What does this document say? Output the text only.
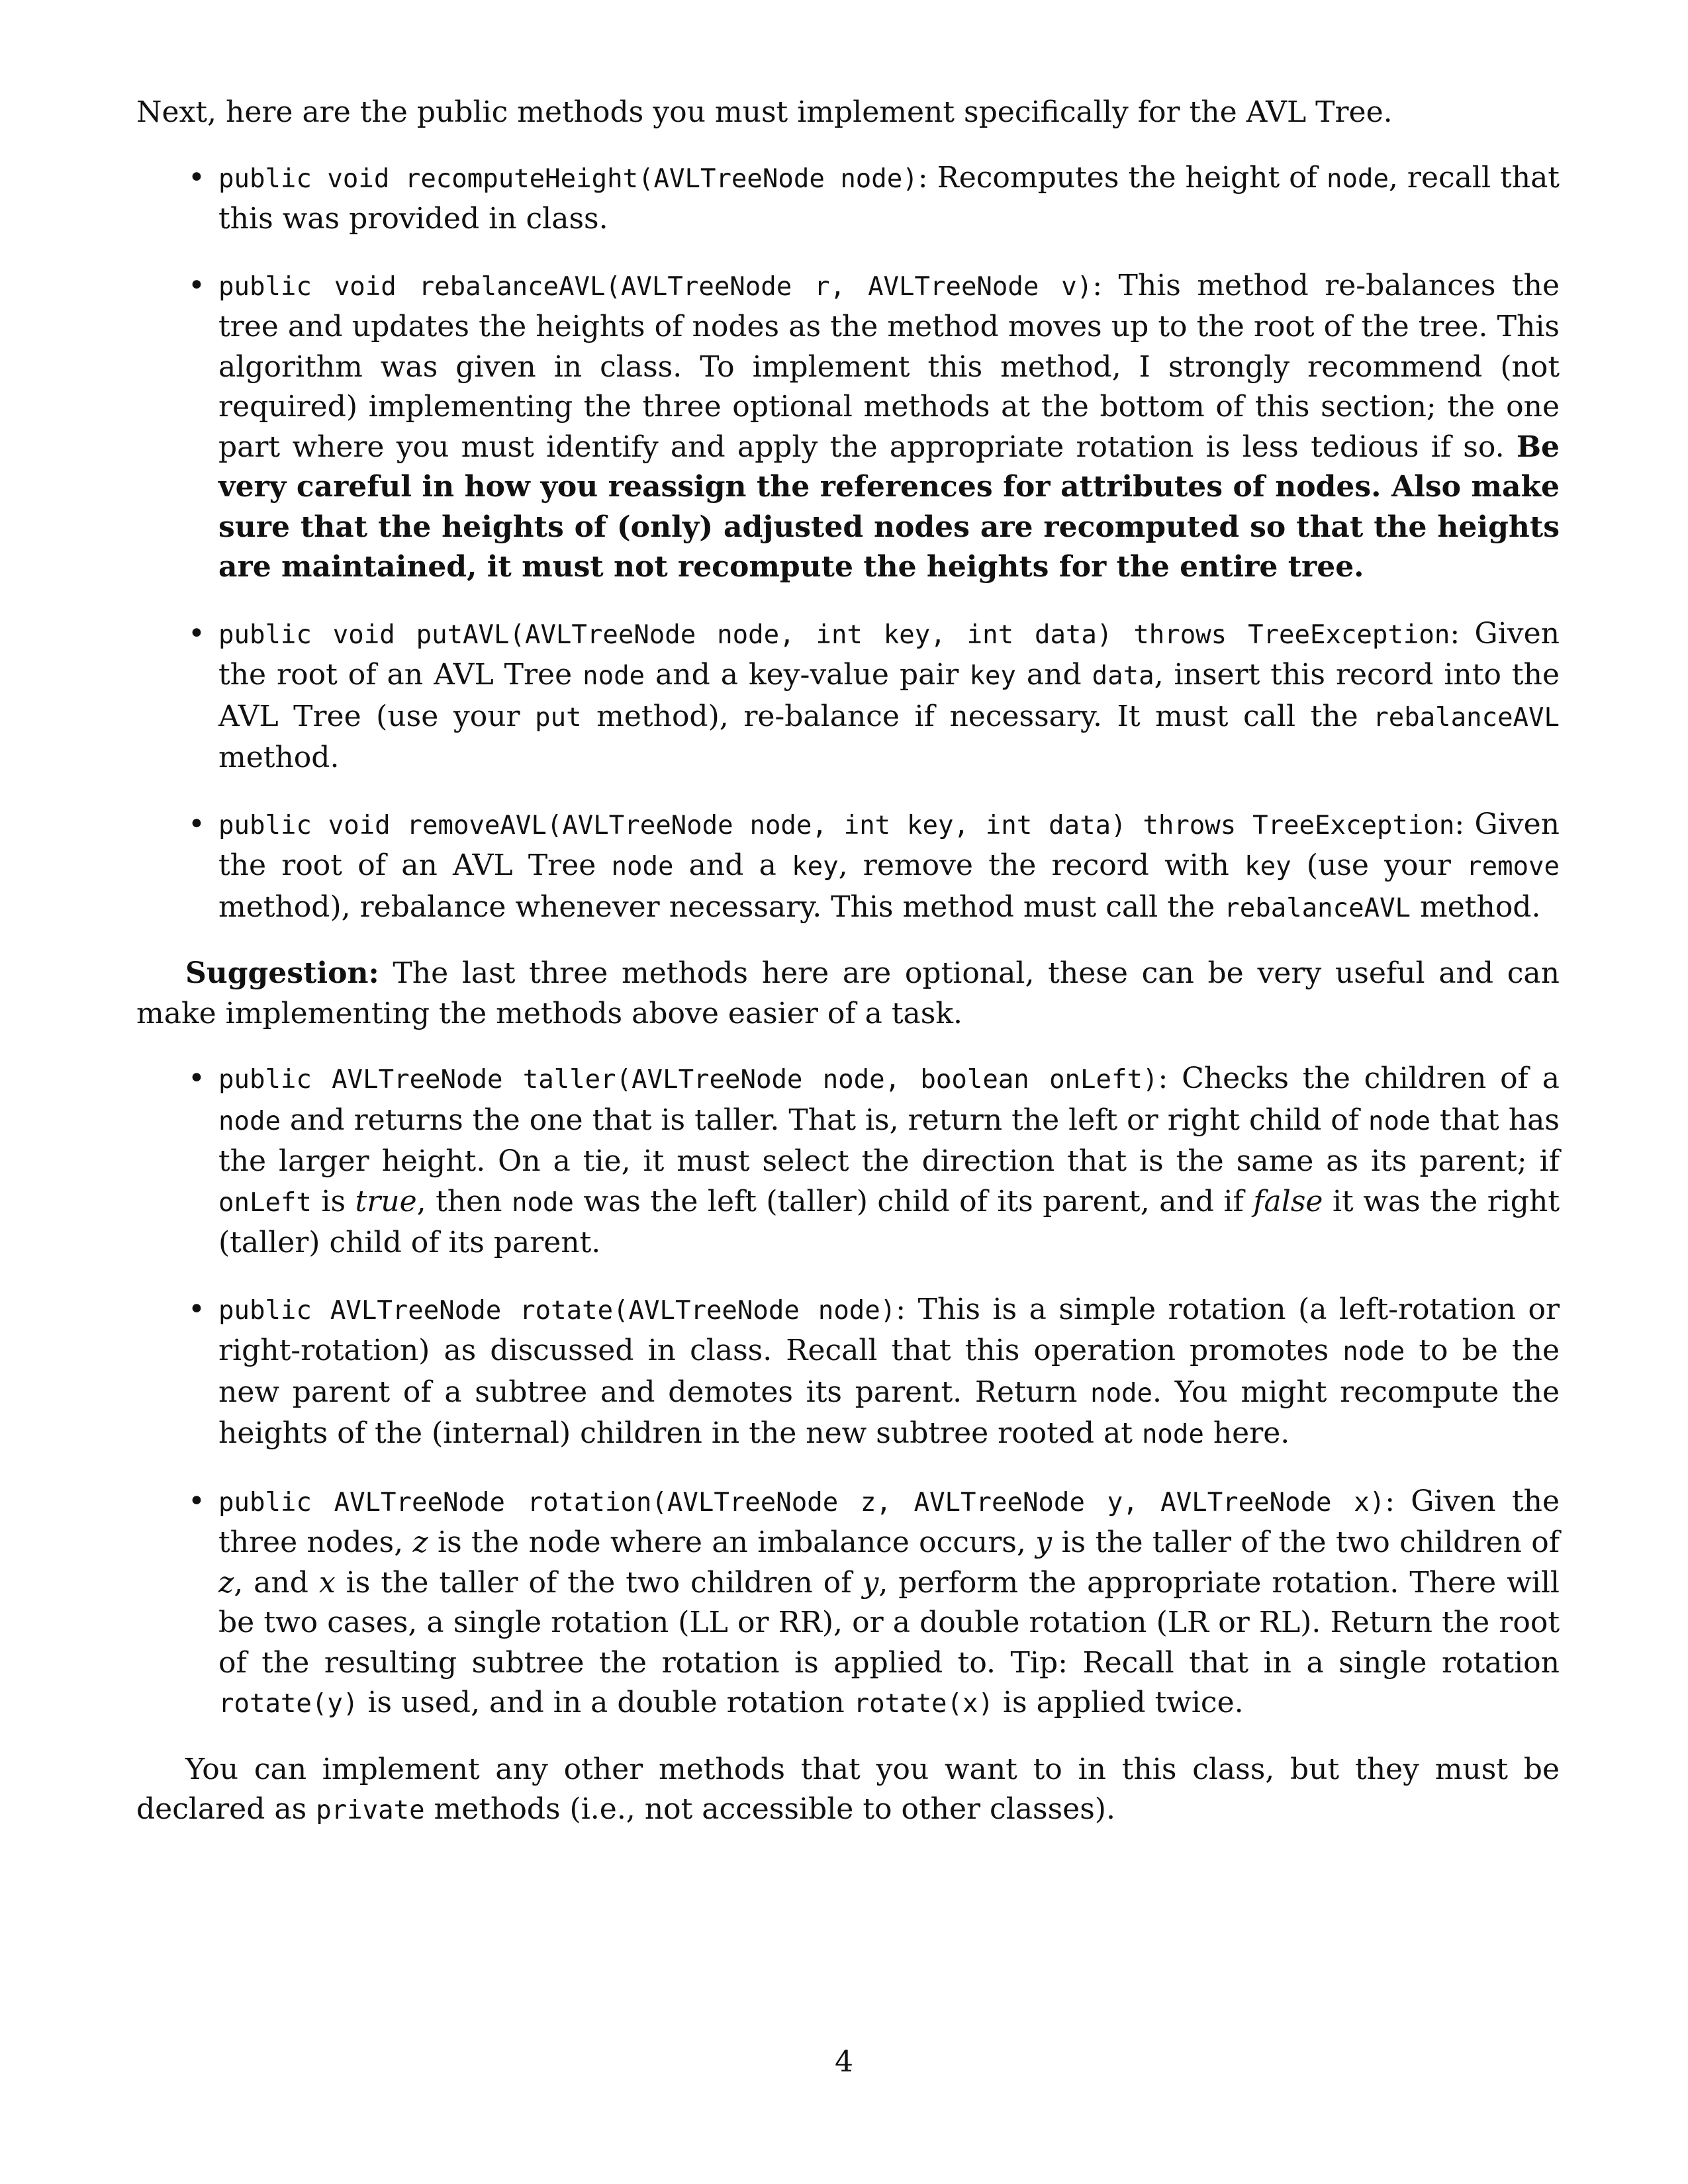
Next, here are the public methods you must implement specifically for the AVL Tree.

• public void recomputeHeight(AVLTreeNode node): Recomputes the height of node, recall that this was provided in class.
• public void rebalanceAVL(AVLTreeNode r, AVLTreeNode v): This method re-balances the tree and updates the heights of nodes as the method moves up to the root of the tree. This algorithm was given in class. To implement this method, I strongly recommend (not required) implementing the three optional methods at the bottom of this section; the one part where you must identify and apply the appropriate rotation is less tedious if so. Be very careful in how you reassign the references for attributes of nodes. Also make sure that the heights of (only) adjusted nodes are recomputed so that the heights are maintained, it must not recompute the heights for the entire tree.
• public void putAVL(AVLTreeNode node, int key, int data) throws TreeException: Given the root of an AVL Tree node and a key-value pair key and data, insert this record into the AVL Tree (use your put method), re-balance if necessary. It must call the rebalanceAVL method.
• public void removeAVL(AVLTreeNode node, int key, int data) throws TreeException: Given the root of an AVL Tree node and a key, remove the record with key (use your remove method), rebalance whenever necessary. This method must call the rebalanceAVL method.

Suggestion: The last three methods here are optional, these can be very useful and can make implementing the methods above easier of a task.

• public AVLTreeNode taller(AVLTreeNode node, boolean onLeft): Checks the children of a node and returns the one that is taller. That is, return the left or right child of node that has the larger height. On a tie, it must select the direction that is the same as its parent; if onLeft is true, then node was the left (taller) child of its parent, and if false it was the right (taller) child of its parent.
• public AVLTreeNode rotate(AVLTreeNode node): This is a simple rotation (a left-rotation or right-rotation) as discussed in class. Recall that this operation promotes node to be the new parent of a subtree and demotes its parent. Return node. You might recompute the heights of the (internal) children in the new subtree rooted at node here.
• public AVLTreeNode rotation(AVLTreeNode z, AVLTreeNode y, AVLTreeNode x): Given the three nodes, z is the node where an imbalance occurs, y is the taller of the two children of z, and x is the taller of the two children of y, perform the appropriate rotation. There will be two cases, a single rotation (LL or RR), or a double rotation (LR or RL). Return the root of the resulting subtree the rotation is applied to. Tip: Recall that in a single rotation rotate(y) is used, and in a double rotation rotate(x) is applied twice.

You can implement any other methods that you want to in this class, but they must be declared as private methods (i.e., not accessible to other classes).

4
